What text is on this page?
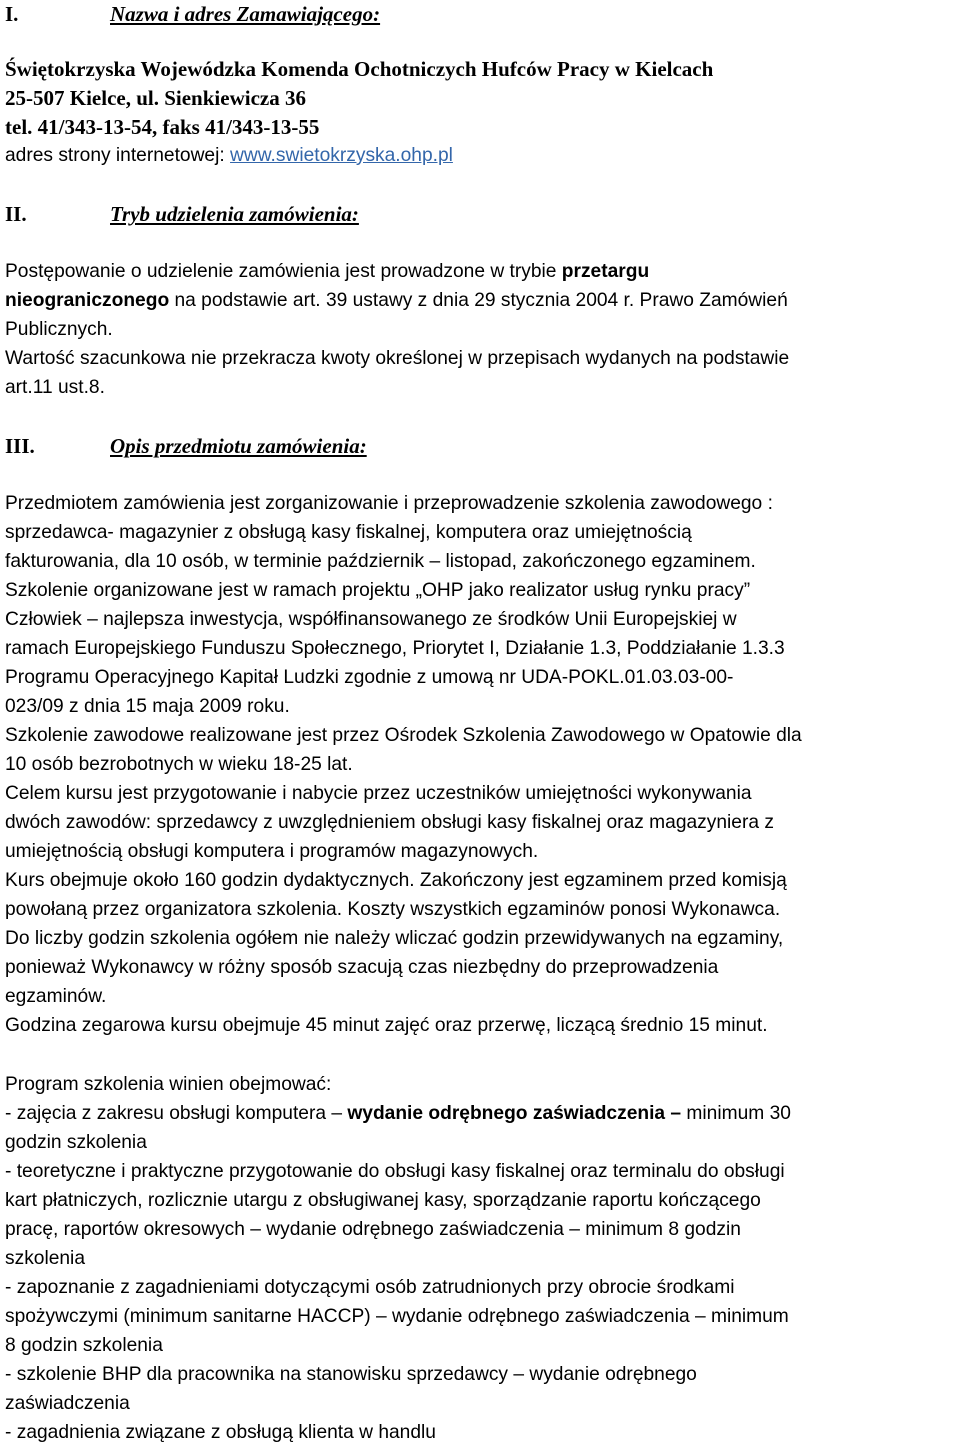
I.	Nazwa i adres Zamawiającego:
Świętokrzyska Wojewódzka Komenda Ochotniczych Hufców Pracy w Kielcach
25-507 Kielce, ul. Sienkiewicza 36
tel. 41/343-13-54, faks 41/343-13-55
adres strony internetowej: www.swietokrzyska.ohp.pl
II.	Tryb udzielenia zamówienia:
Postępowanie o udzielenie zamówienia jest prowadzone w trybie przetargu
nieograniczonego na podstawie art. 39 ustawy z dnia 29 stycznia 2004 r. Prawo Zamówień
Publicznych.
Wartość szacunkowa nie przekracza kwoty określonej w przepisach wydanych na podstawie
art.11 ust.8.
III.	Opis przedmiotu zamówienia:
Przedmiotem zamówienia jest zorganizowanie i przeprowadzenie szkolenia zawodowego :
sprzedawca- magazynier z obsługą kasy fiskalnej, komputera oraz umiejętnością
fakturowania, dla 10 osób, w terminie październik – listopad, zakończonego egzaminem.
Szkolenie organizowane jest w ramach projektu „OHP jako realizator usług rynku pracy”
Człowiek – najlepsza inwestycja, współfinansowanego ze środków Unii Europejskiej w
ramach Europejskiego Funduszu Społecznego, Priorytet I, Działanie 1.3, Poddziałanie 1.3.3
Programu Operacyjnego Kapitał Ludzki zgodnie z umową nr UDA-POKL.01.03.03-00-
023/09 z dnia 15 maja 2009 roku.
Szkolenie zawodowe realizowane jest przez Ośrodek Szkolenia Zawodowego w Opatowie dla
10 osób bezrobotnych w wieku 18-25 lat.
Celem kursu jest przygotowanie i nabycie przez uczestników umiejętności wykonywania
dwóch zawodów: sprzedawcy z uwzględnieniem obsługi kasy fiskalnej oraz magazyniera z
umiejętnością obsługi komputera i programów magazynowych.
Kurs obejmuje około 160 godzin dydaktycznych. Zakończony jest egzaminem przed komisją
powołaną przez organizatora szkolenia. Koszty wszystkich egzaminów ponosi Wykonawca.
Do liczby godzin szkolenia ogółem nie należy wliczać godzin przewidywanych na egzaminy,
ponieważ Wykonawcy w różny sposób szacują czas niezbędny do przeprowadzenia
egzaminów.
Godzina zegarowa kursu obejmuje 45 minut zajęć oraz przerwę, liczącą średnio 15 minut.
Program szkolenia winien obejmować:
- zajęcia z zakresu obsługi komputera – wydanie odrębnego zaświadczenia – minimum 30
godzin szkolenia
- teoretyczne i praktyczne przygotowanie do obsługi kasy fiskalnej oraz terminalu do obsługi
kart płatniczych, rozlicznie utargu z obsługiwanej kasy, sporządzanie raportu kończącego
pracę, raportów okresowych – wydanie odrębnego zaświadczenia – minimum 8 godzin
szkolenia
- zapoznanie z zagadnieniami dotyczącymi osób zatrudnionych przy obrocie środkami
spożywczymi (minimum sanitarne HACCP) – wydanie odrębnego zaświadczenia – minimum
8 godzin szkolenia
- szkolenie BHP dla pracownika na stanowisku sprzedawcy – wydanie odrębnego
zaświadczenia
- zagadnienia związane z obsługą klienta w handlu
